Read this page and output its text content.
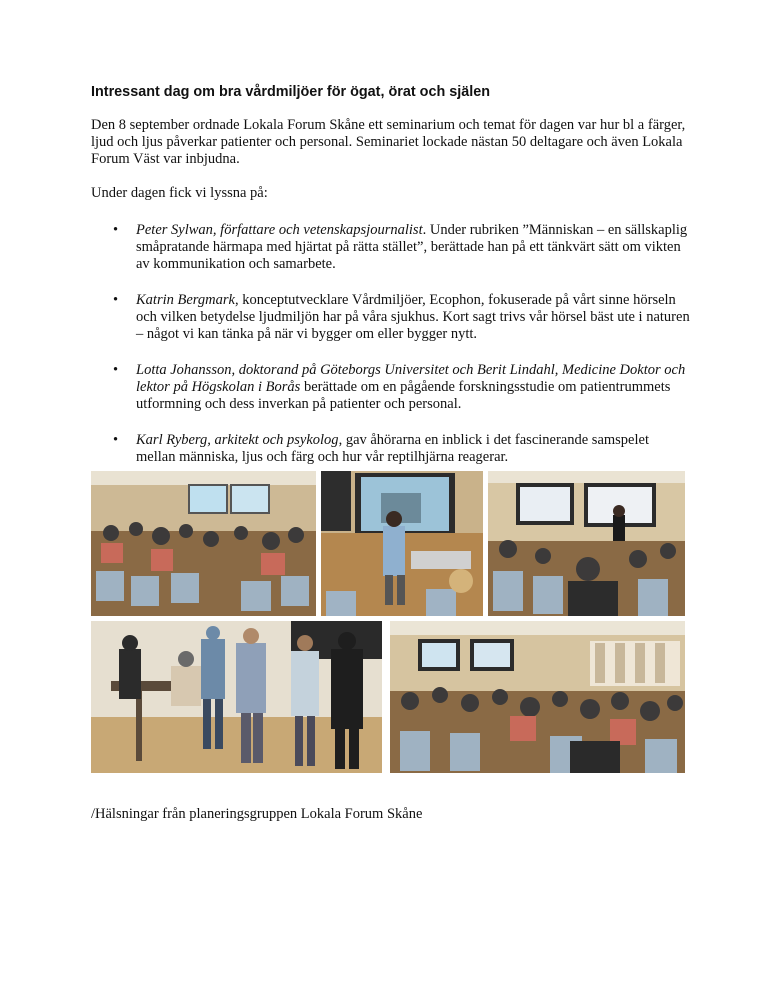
Intressant dag om bra vårdmiljöer för ögat, örat och själen

Den 8 september ordnade Lokala Forum Skåne ett seminarium och temat för dagen var hur bl a färger, ljud och ljus påverkar patienter och personal. Seminariet lockade nästan 50 deltagare och även Lokala Forum Väst var inbjudna.

Under dagen fick vi lyssna på:

• Peter Sylwan, författare och vetenskapsjournalist. Under rubriken ”Människan – en sällskaplig småpratande härmapa med hjärtat på rätta stället”, berättade han på ett tänkvärt sätt om vikten av kommunikation och samarbete.
• Katrin Bergmark, konceptutvecklare Vårdmiljöer, Ecophon, fokuserade på vårt sinne hörseln och vilken betydelse ljudmiljön har på våra sjukhus. Kort sagt trivs vår hörsel bäst ute i naturen – något vi kan tänka på när vi bygger om eller bygger nytt.
• Lotta Johansson, doktorand på Göteborgs Universitet och Berit Lindahl, Medicine Doktor och lektor på Högskolan i Borås berättade om en pågående forskningsstudie om patientrummets utformning och dess inverkan på patienter och personal.
• Karl Ryberg, arkitekt och psykolog, gav åhörarna en inblick i det fascinerande samspelet mellan människa, ljus och färg och hur vår reptilhjärna reagerar.

/Hälsningar från planeringsgruppen Lokala Forum Skåne
